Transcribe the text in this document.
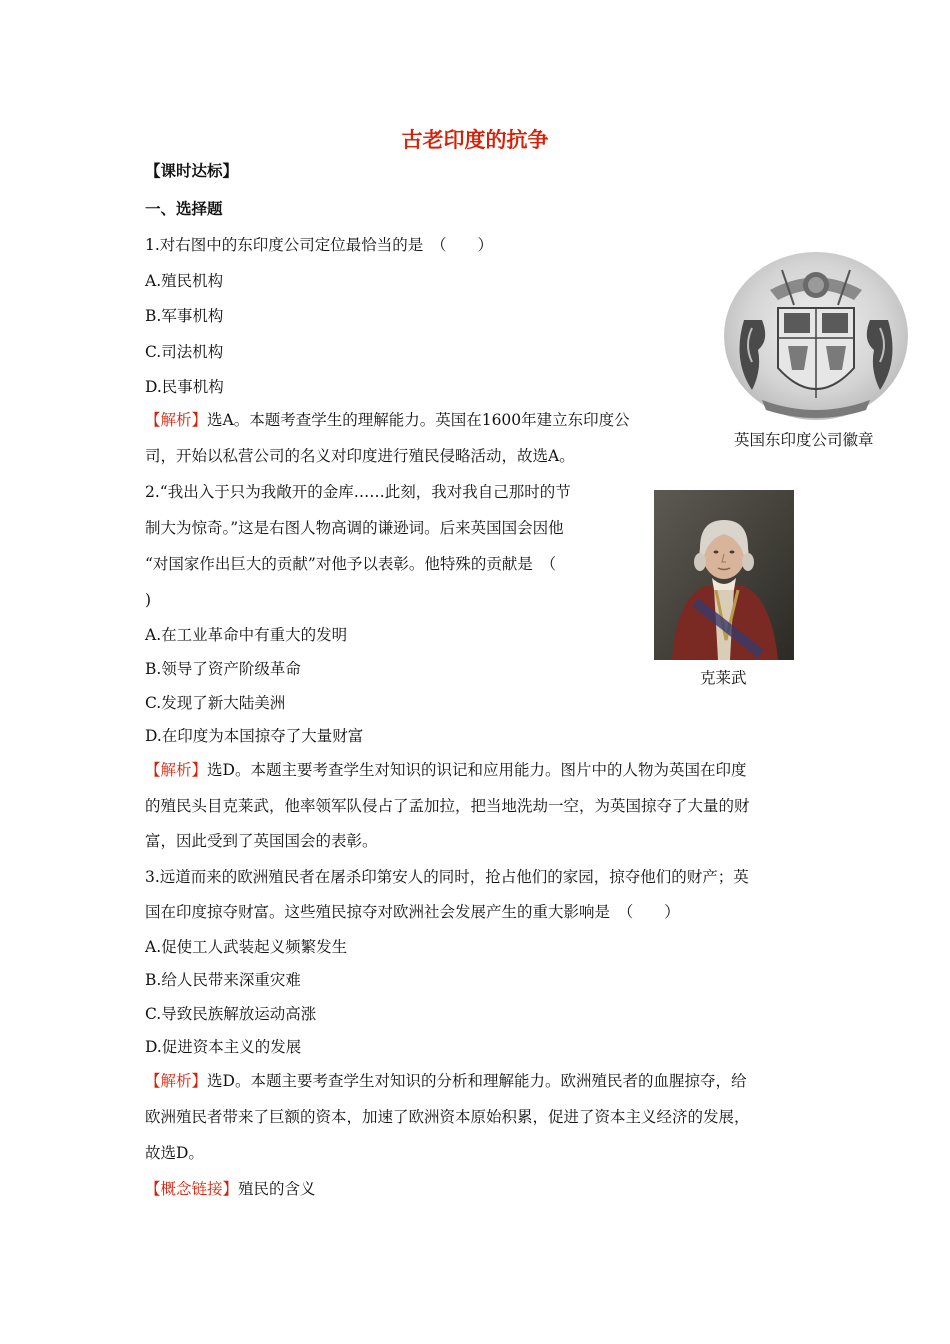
古老印度的抗争
【课时达标】
一、选择题
1.对右图中的东印度公司定位最恰当的是　（　　）
A.殖民机构
B.军事机构
C.司法机构
D.民事机构
【解析】选A。本题考查学生的理解能力。英国在1600年建立东印度公
司，开始以私营公司的名义对印度进行殖民侵略活动，故选A。
英国东印度公司徽章
2.“我出入于只为我敞开的金库……此刻，我对我自己那时的节
制大为惊奇。”这是右图人物高调的谦逊词。后来英国国会因他
“对国家作出巨大的贡献”对他予以表彰。他特殊的贡献是　（
)
A.在工业革命中有重大的发明
B.领导了资产阶级革命
C.发现了新大陆美洲
D.在印度为本国掠夺了大量财富
【解析】选D。本题主要考查学生对知识的识记和应用能力。图片中的人物为英国在印度
的殖民头目克莱武，他率领军队侵占了孟加拉，把当地洗劫一空，为英国掠夺了大量的财
富，因此受到了英国国会的表彰。
克莱武
3.远道而来的欧洲殖民者在屠杀印第安人的同时，抢占他们的家园，掠夺他们的财产；英
国在印度掠夺财富。这些殖民掠夺对欧洲社会发展产生的重大影响是　（　　）
A.促使工人武装起义频繁发生
B.给人民带来深重灾难
C.导致民族解放运动高涨
D.促进资本主义的发展
【解析】选D。本题主要考查学生对知识的分析和理解能力。欧洲殖民者的血腥掠夺，给
欧洲殖民者带来了巨额的资本，加速了欧洲资本原始积累，促进了资本主义经济的发展，
故选D。
【概念链接】殖民的含义
